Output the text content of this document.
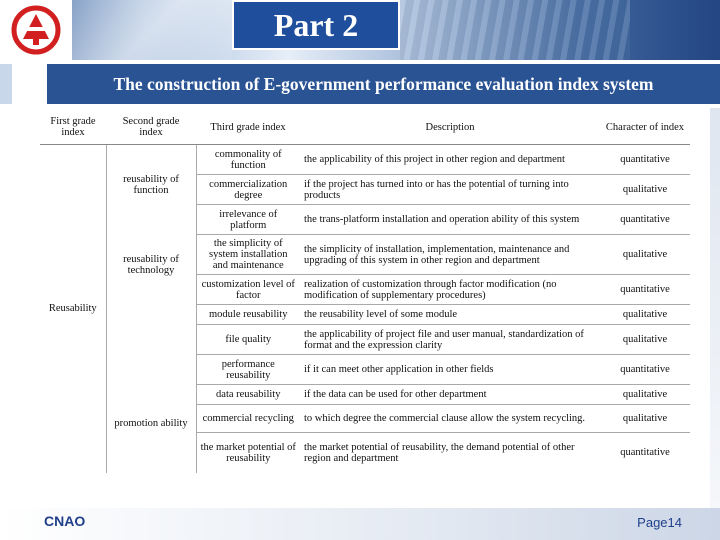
Part 2
The construction of E-government performance evaluation index system
First grade index	Second grade index	Third grade index	Description	Character of index
Reusability	reusability of function	commonality of function	the applicability of this project in other region and department	quantitative
		commercialization degree	if the project has turned into or has the potential of turning into products	qualitative

	reusability of technology	irrelevance of platform	the trans-platform installation and operation ability of this system	quantitative
		the simplicity of system installation and maintenance	the simplicity of installation, implementation, maintenance and upgrading of this system in other region and department	qualitative
		customization level of factor	realization of customization through factor modification (no modification of supplementary procedures)	quantitative
		module reusability	the reusability level of some module	qualitative

	promotion ability	file quality	the applicability of project file and user manual, standardization of format and the expression clarity	qualitative
		performance reusability	if it can meet other application in other fields	quantitative
		data reusability	if the data can be used for other department	qualitative
		commercial recycling	to which degree the commercial clause allow the system recycling.	qualitative
		the market potential of reusability	the market potential of reusability, the demand potential of other region and department	quantitative
CNAO	Page14
